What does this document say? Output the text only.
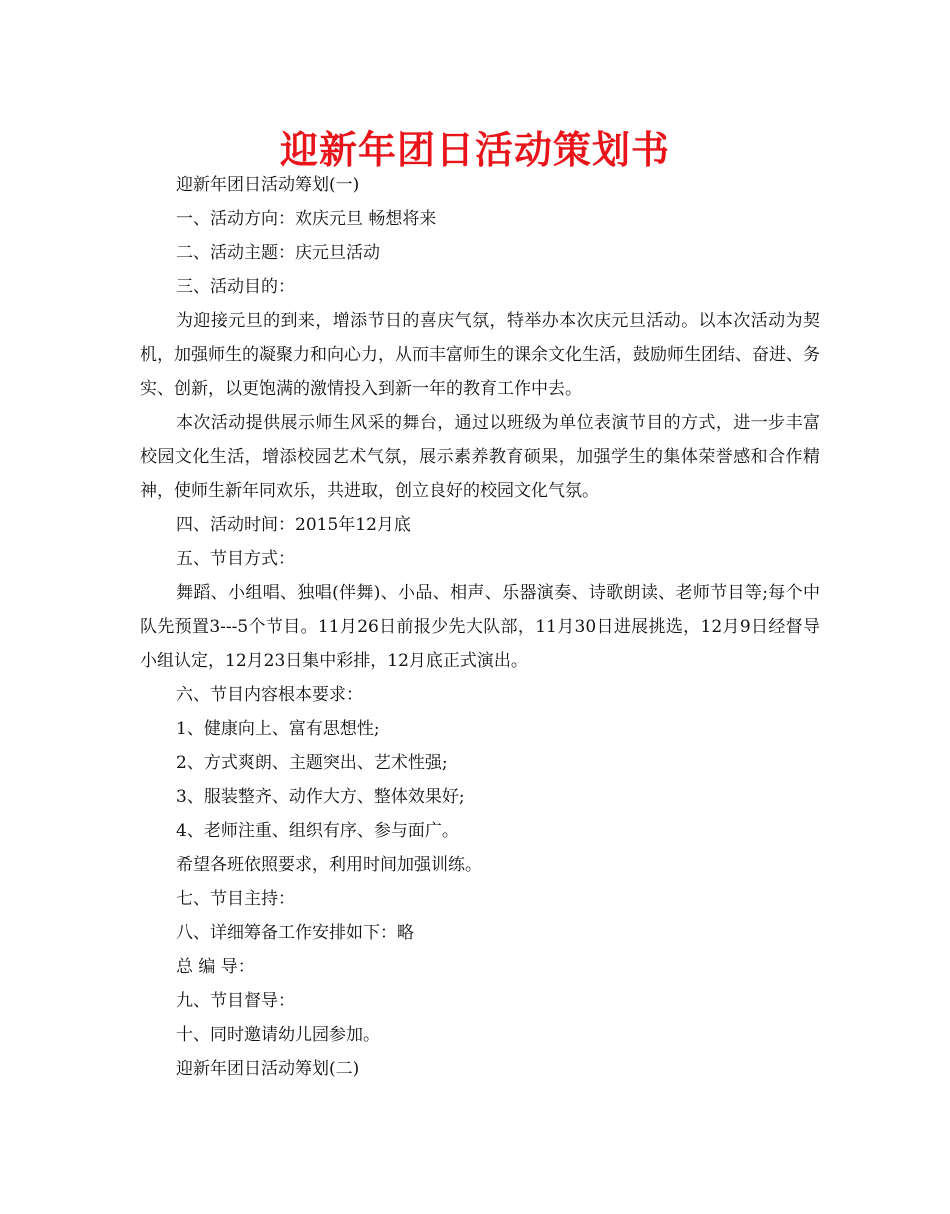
迎新年团日活动策划书

迎新年团日活动筹划(一)

一、活动方向：欢庆元旦 畅想将来

二、活动主题：庆元旦活动

三、活动目的：

为迎接元旦的到来，增添节日的喜庆气氛，特举办本次庆元旦活动。以本次活动为契机，加强师生的凝聚力和向心力，从而丰富师生的课余文化生活，鼓励师生团结、奋进、务实、创新，以更饱满的激情投入到新一年的教育工作中去。

本次活动提供展示师生风采的舞台，通过以班级为单位表演节目的方式，进一步丰富校园文化生活，增添校园艺术气氛，展示素养教育硕果，加强学生的集体荣誉感和合作精神，使师生新年同欢乐，共进取，创立良好的校园文化气氛。

四、活动时间：2015年12月底

五、节目方式：

舞蹈、小组唱、独唱(伴舞)、小品、相声、乐器演奏、诗歌朗读、老师节目等;每个中队先预置3---5个节目。11月26日前报少先大队部，11月30日进展挑选，12月9日经督导小组认定，12月23日集中彩排，12月底正式演出。

六、节目内容根本要求：

1、健康向上、富有思想性;

2、方式爽朗、主题突出、艺术性强;

3、服装整齐、动作大方、整体效果好;

4、老师注重、组织有序、参与面广。

希望各班依照要求，利用时间加强训练。

七、节目主持：

八、详细筹备工作安排如下：略

总 编 导：

九、节目督导：

十、同时邀请幼儿园参加。

迎新年团日活动筹划(二)
